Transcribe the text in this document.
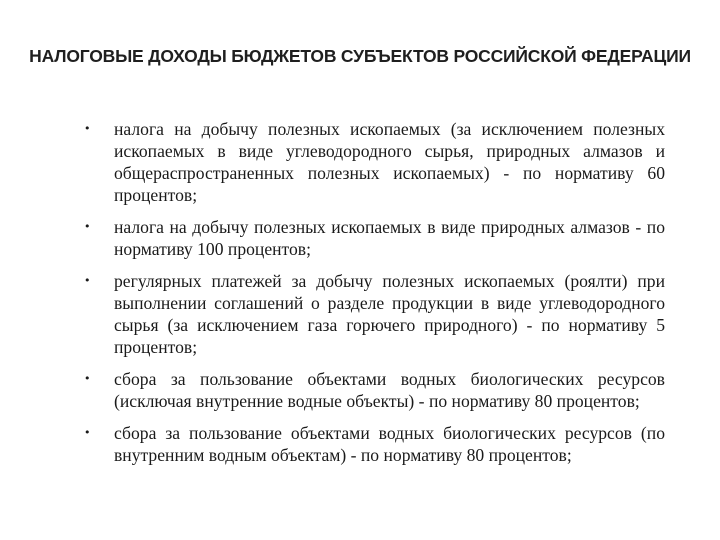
НАЛОГОВЫЕ ДОХОДЫ БЮДЖЕТОВ СУБЪЕКТОВ РОССИЙСКОЙ ФЕДЕРАЦИИ
• налога на добычу полезных ископаемых (за исключением полезных ископаемых в виде углеводородного сырья, природных алмазов и общераспространенных полезных ископаемых) - по нормативу 60 процентов;
• налога на добычу полезных ископаемых в виде природных алмазов - по нормативу 100 процентов;
• регулярных платежей за добычу полезных ископаемых (роялти) при выполнении соглашений о разделе продукции в виде углеводородного сырья (за исключением газа горючего природного) - по нормативу 5 процентов;
• сбора за пользование объектами водных биологических ресурсов (исключая внутренние водные объекты) - по нормативу 80 процентов;
• сбора за пользование объектами водных биологических ресурсов (по внутренним водным объектам) - по нормативу 80 процентов;
